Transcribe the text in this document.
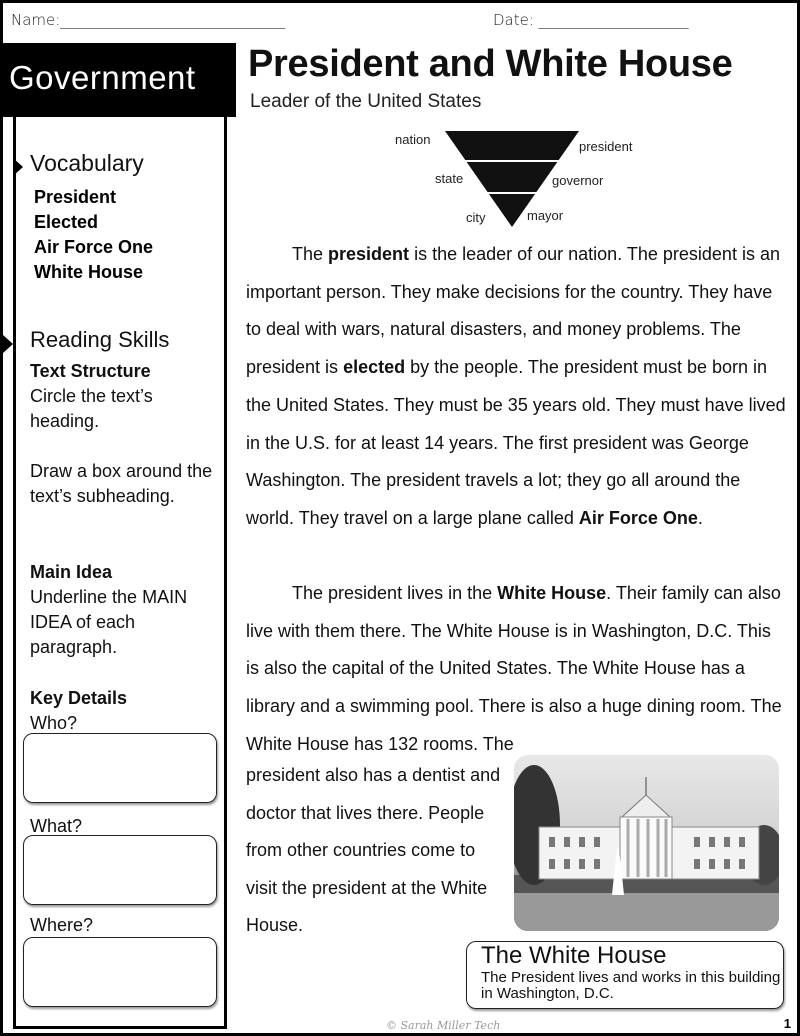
Name:______________________________	Date: ____________________
Government
Vocabulary
President
Elected
Air Force One
White House
Reading Skills
Text Structure
Circle the text’s heading.
Draw a box around the text’s subheading.
Main Idea
Underline the MAIN IDEA of each paragraph.
Key Details
Who?
What?
Where?
President and White House
Leader of the United States
nation
state
city
president
governor
mayor
The president is the leader of our nation. The president is an important person. They make decisions for the country. They have to deal with wars, natural disasters, and money problems. The president is elected by the people. The president must be born in the United States. They must be 35 years old. They must have lived in the U.S. for at least 14 years. The first president was George Washington. The president travels a lot; they go all around the world. They travel on a large plane called Air Force One.
The president lives in the White House. Their family can also live with them there. The White House is in Washington, D.C. This is also the capital of the United States. The White House has a library and a swimming pool. There is also a huge dining room. The White House has 132 rooms. The
president also has a dentist and doctor that lives there. People from other countries come to visit the president at the White House.
The White House
The President lives and works in this building in Washington, D.C.
© Sarah Miller Tech	1
